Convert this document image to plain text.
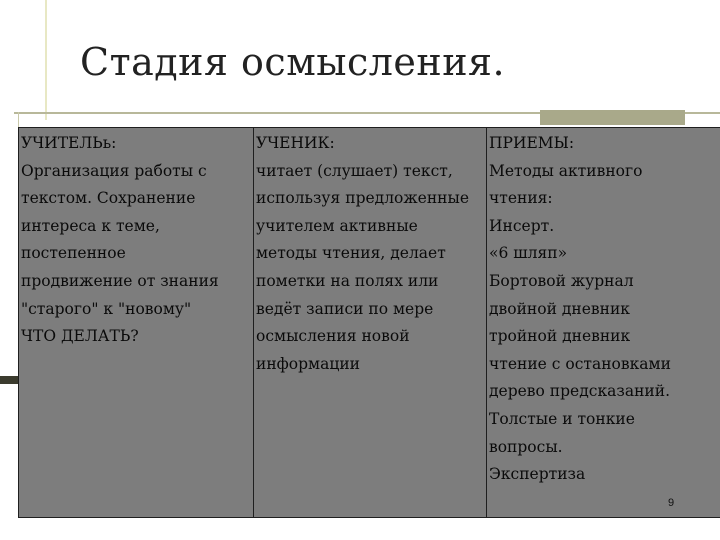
Стадия осмысления.
УЧИТЕЛЬь:
Организация работы с
текстом. Сохранение
интереса к теме,
постепенное
продвижение от знания
"старого" к "новому"
ЧТО ДЕЛАТЬ?

УЧЕНИК:
читает (слушает) текст,
используя предложенные
учителем активные
методы чтения, делает
пометки на полях или
ведёт записи по мере
осмысления новой
информации

ПРИЕМЫ:
Методы активного
чтения:
Инсерт.
«6 шляп»
Бортовой журнал
двойной дневник
тройной дневник
чтение с остановками
дерево предсказаний.
Толстые и тонкие
вопросы.
Экспертиза
9
